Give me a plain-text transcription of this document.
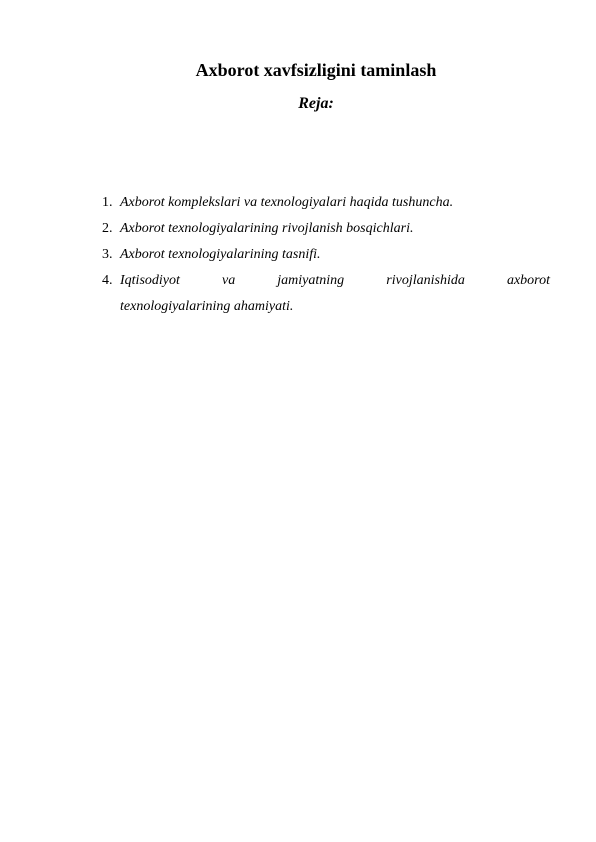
Axborot xavfsizligini taminlash
Reja:
1. Axborot komplekslari va texnologiyalari haqida tushuncha.
2. Axborot texnologiyalarining rivojlanish bosqichlari.
3. Axborot texnologiyalarining tasnifi.
4. Iqtisodiyot	va	jamiyatning	rivojlanishida	axborot
texnologiyalarining ahamiyati.
